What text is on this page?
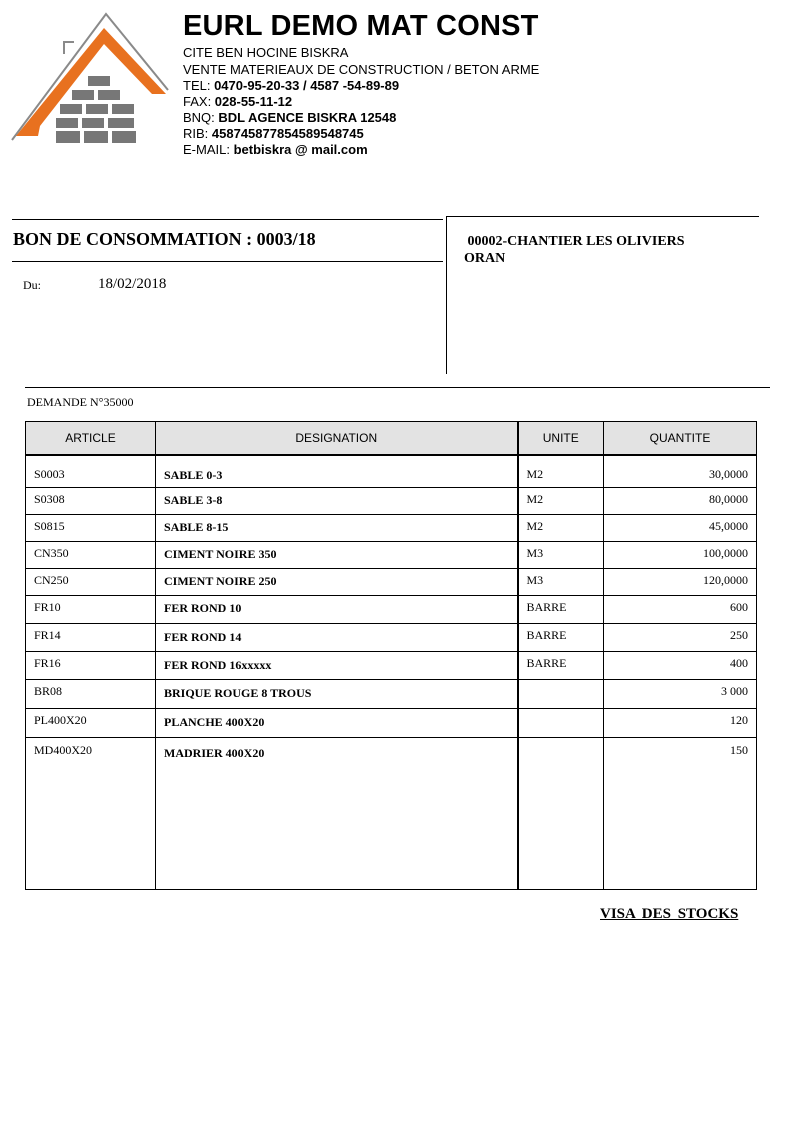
EURL DEMO MAT CONST
CITE BEN HOCINE BISKRA
VENTE MATERIEAUX DE CONSTRUCTION / BETON ARME
TEL: 0470-95-20-33 / 4587 -54-89-89
FAX: 028-55-11-12
BNQ: BDL AGENCE BISKRA 12548
RIB: 458745877854589548745
E-MAIL: betbiskra @ mail.com
BON DE CONSOMMATION : 0003/18
Du:	18/02/2018
00002-CHANTIER LES OLIVIERS
ORAN
DEMANDE N°35000
ARTICLE	DESIGNATION	UNITE	QUANTITE
S0003	SABLE 0-3	M2	30,0000
S0308	SABLE 3-8	M2	80,0000
S0815	SABLE 8-15	M2	45,0000
CN350	CIMENT NOIRE 350	M3	100,0000
CN250	CIMENT NOIRE 250	M3	120,0000
FR10	FER ROND 10	BARRE	600
FR14	FER ROND 14	BARRE	250
FR16	FER ROND 16xxxxx	BARRE	400
BR08	BRIQUE ROUGE 8 TROUS		3 000
PL400X20	PLANCHE 400X20		120
MD400X20	MADRIER 400X20		150
VISA DES STOCKS
